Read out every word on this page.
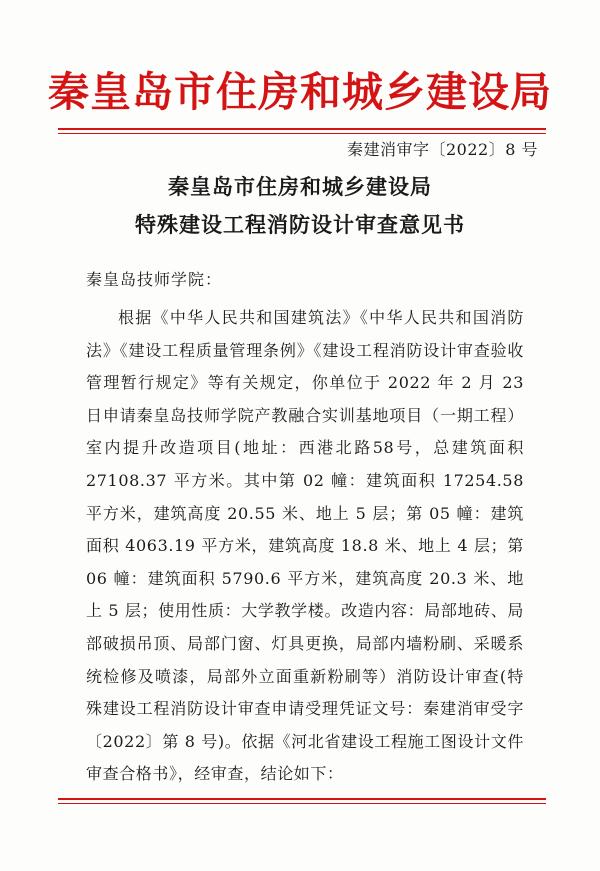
秦皇岛市住房和城乡建设局
秦建消审字〔2022〕8 号
秦皇岛市住房和城乡建设局
特殊建设工程消防设计审查意见书
秦皇岛技师学院：

根据《中华人民共和国建筑法》《中华人民共和国消防法》《建设工程质量管理条例》《建设工程消防设计审查验收管理暂行规定》等有关规定，你单位于 2022 年 2 月 23 日申请秦皇岛技师学院产教融合实训基地项目（一期工程）室内提升改造项目(地址：西港北路58号，总建筑面积 27108.37 平方米。其中第 02 幢：建筑面积 17254.58 平方米，建筑高度 20.55 米、地上 5 层；第 05 幢：建筑面积 4063.19 平方米，建筑高度 18.8 米、地上 4 层；第 06 幢：建筑面积 5790.6 平方米，建筑高度 20.3 米、地上 5 层；使用性质：大学教学楼。改造内容：局部地砖、局部破损吊顶、局部门窗、灯具更换，局部内墙粉刷、采暖系统检修及喷漆，局部外立面重新粉刷等）消防设计审查(特殊建设工程消防设计审查申请受理凭证文号：秦建消审受字〔2022〕第 8 号)。依据《河北省建设工程施工图设计文件审查合格书》，经审查，结论如下：
